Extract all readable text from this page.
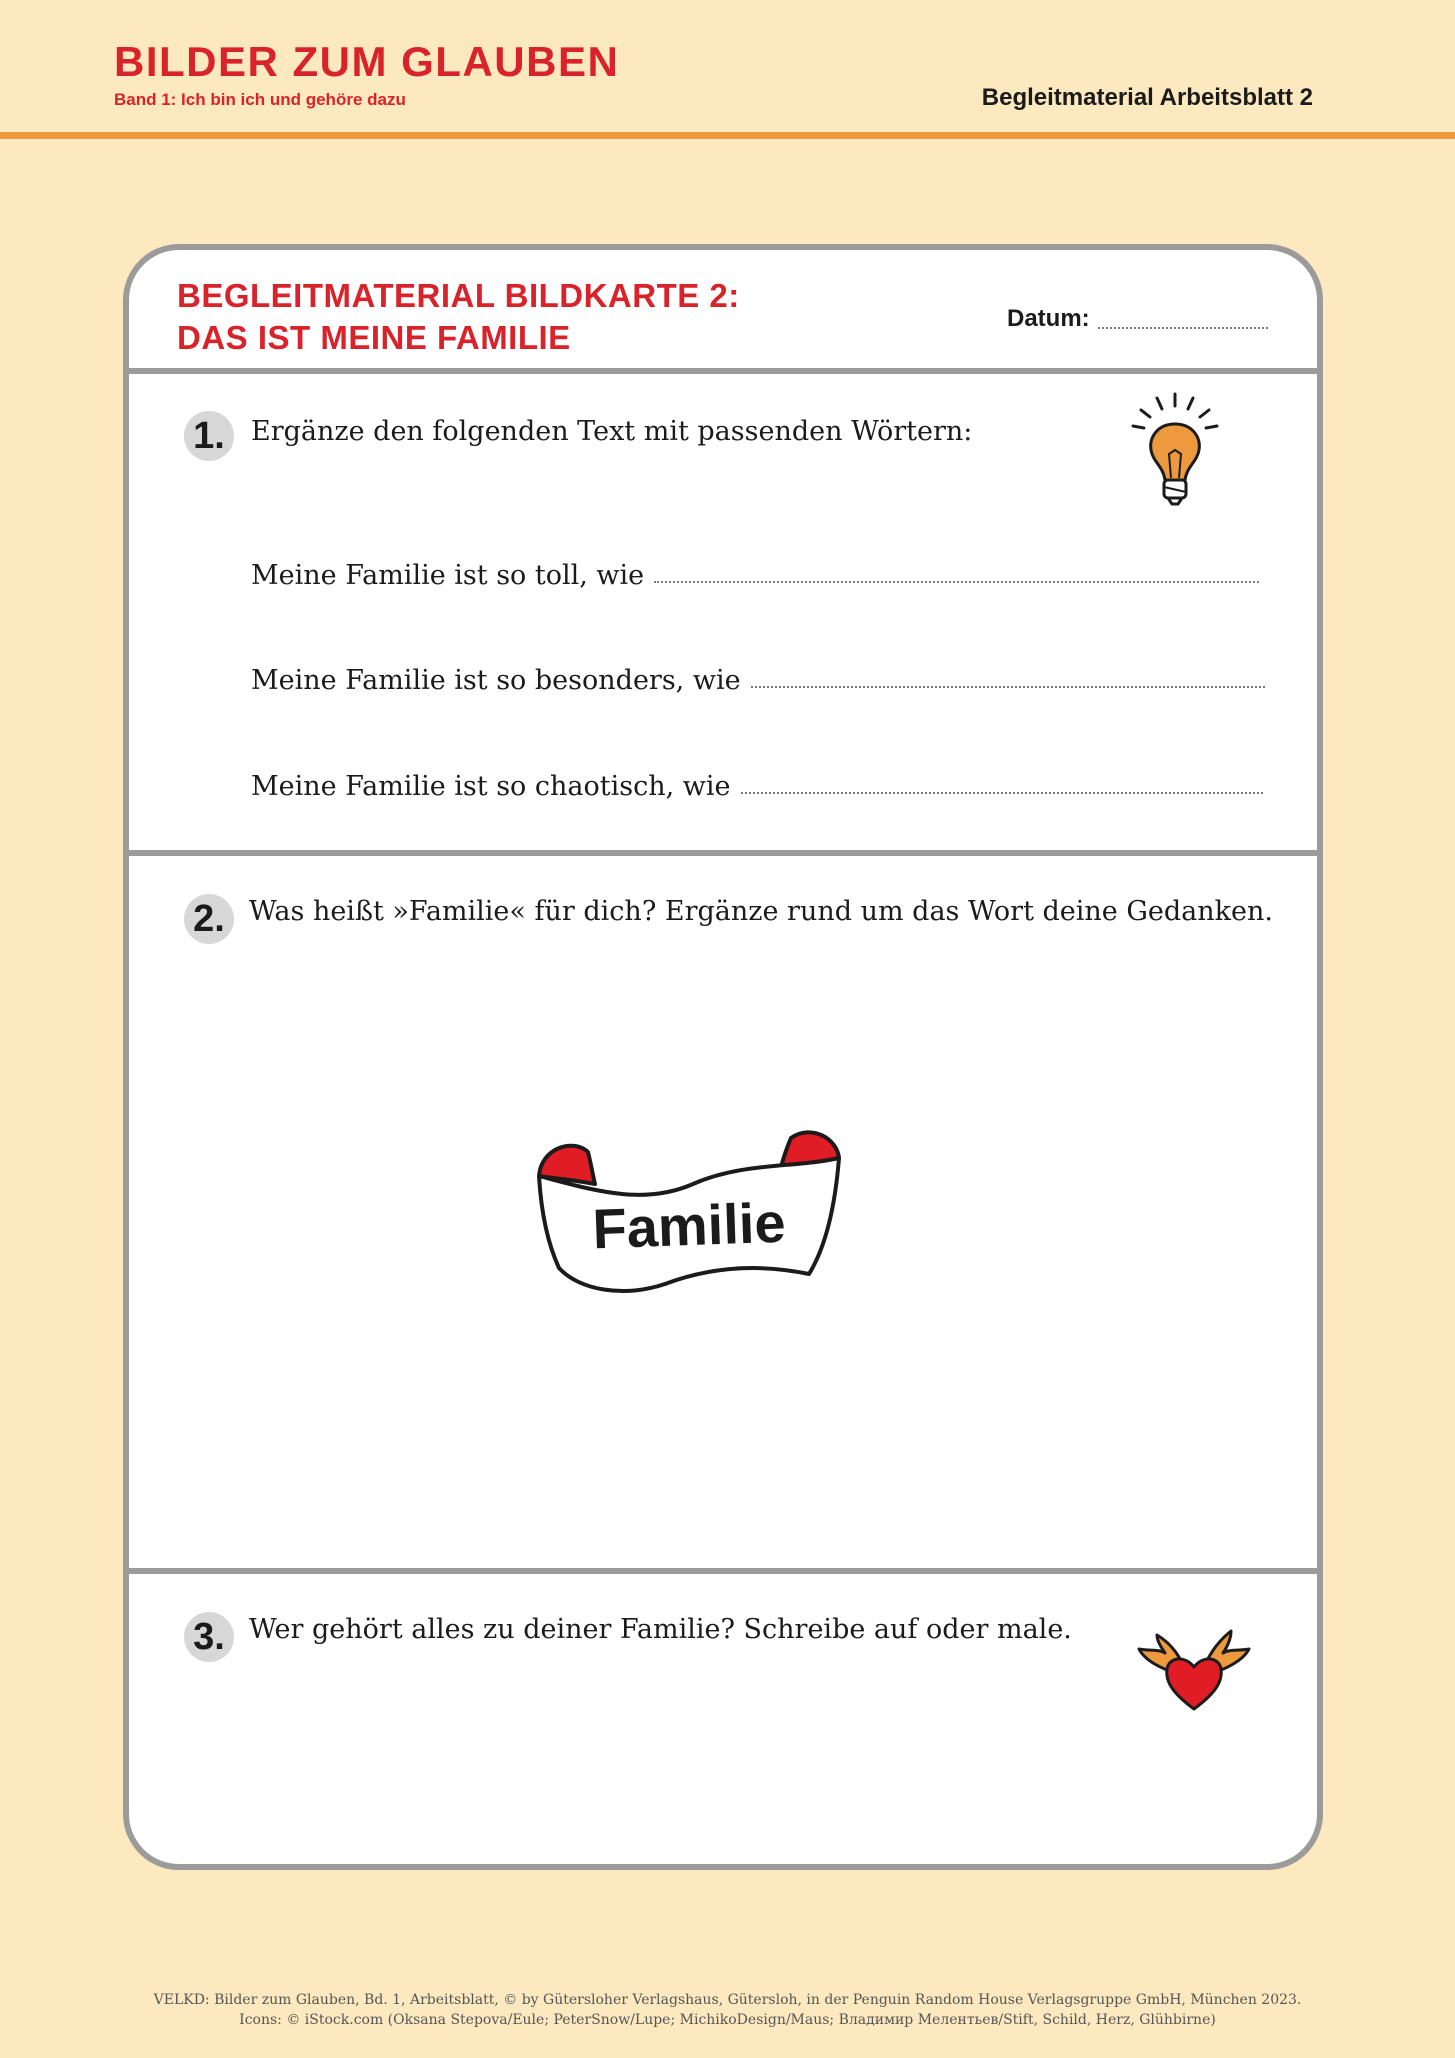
BILDER ZUM GLAUBEN
Band 1: Ich bin ich und gehöre dazu	Begleitmaterial Arbeitsblatt 2
BEGLEITMATERIAL BILDKARTE 2:
DAS IST MEINE FAMILIE
Datum:
1. Ergänze den folgenden Text mit passenden Wörtern:
Meine Familie ist so toll, wie
Meine Familie ist so besonders, wie
Meine Familie ist so chaotisch, wie
2. Was heißt »Familie« für dich? Ergänze rund um das Wort deine Gedanken.
Familie
3. Wer gehört alles zu deiner Familie? Schreibe auf oder male.
VELKD: Bilder zum Glauben, Bd. 1, Arbeitsblatt, © by Gütersloher Verlagshaus, Gütersloh, in der Penguin Random House Verlagsgruppe GmbH, München 2023.
Icons: © iStock.com (Oksana Stepova/Eule; PeterSnow/Lupe; MichikoDesign/Maus; Владимир Мелентьев/Stift, Schild, Herz, Glühbirne)
